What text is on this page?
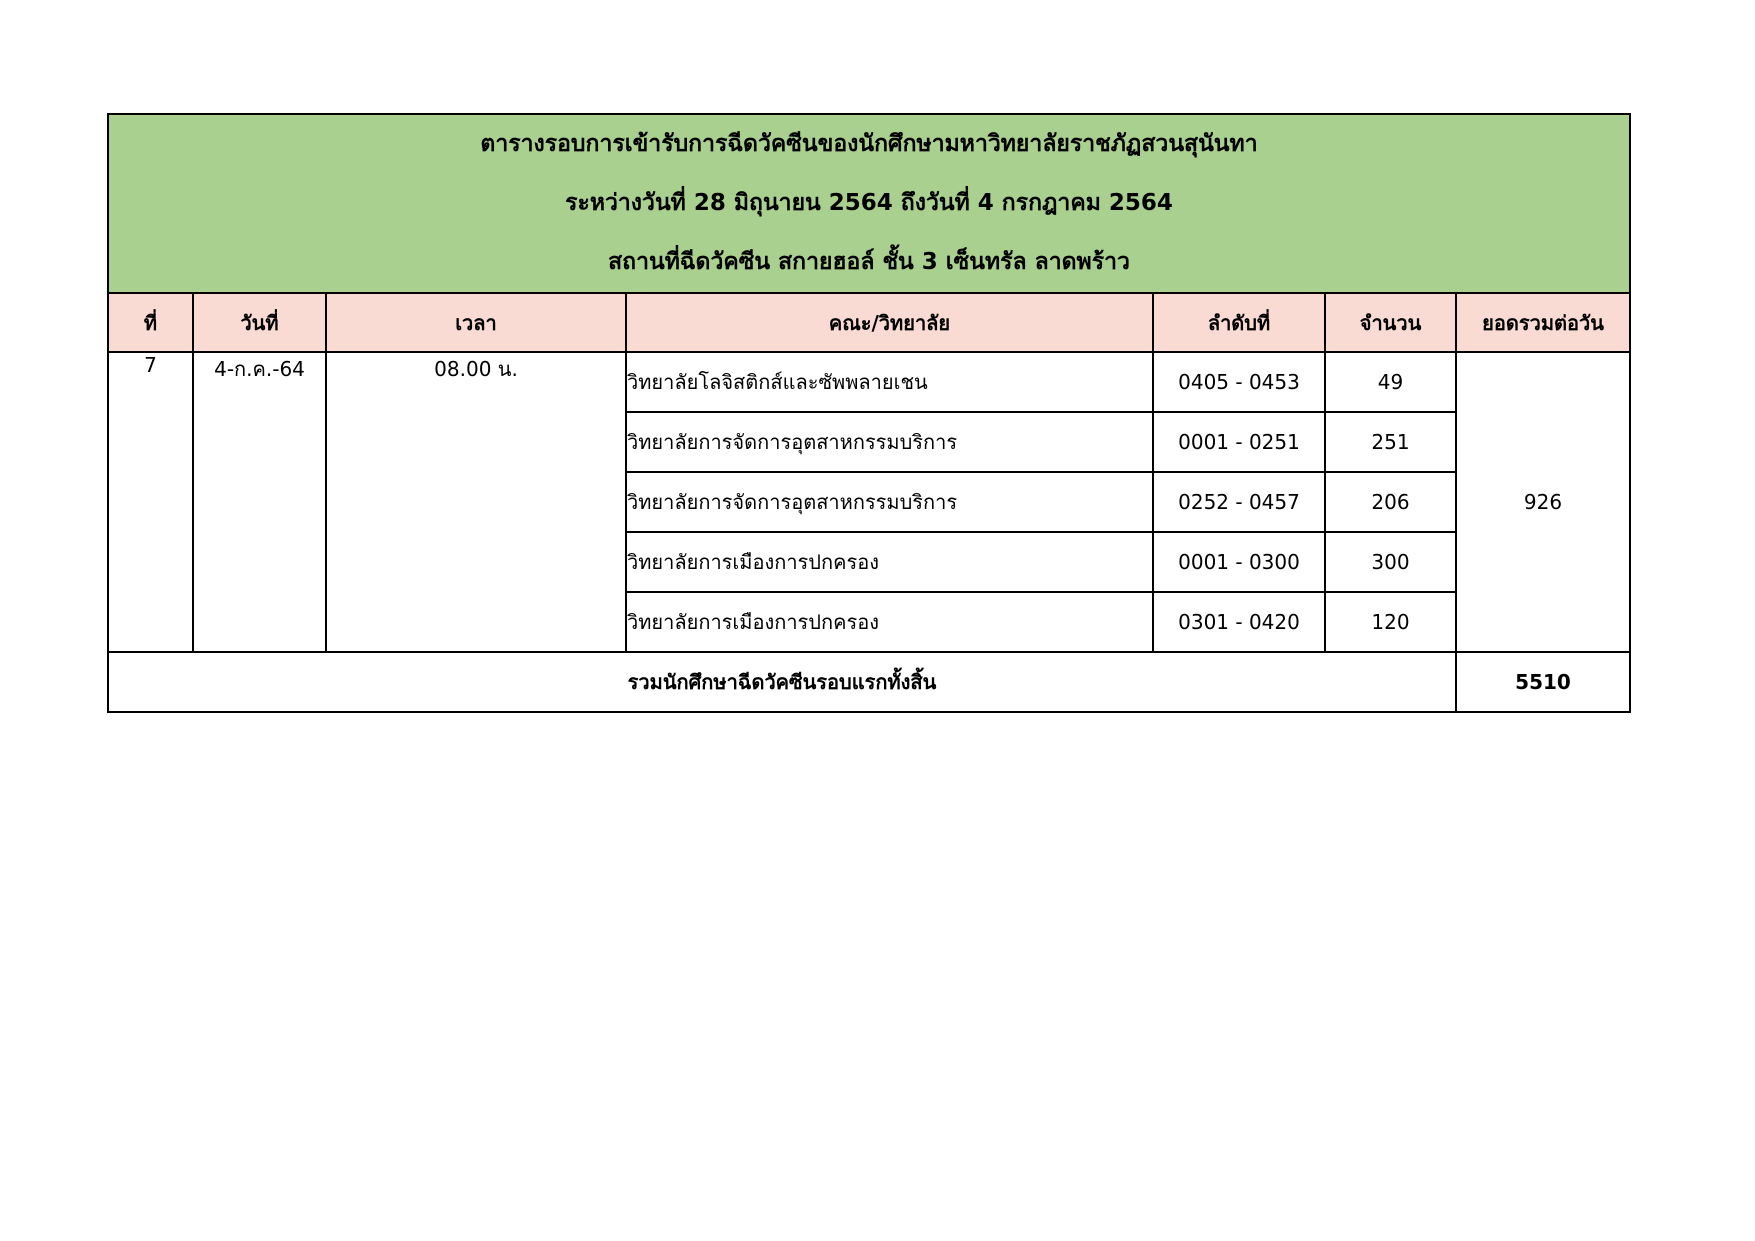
ตารางรอบการเข้ารับการฉีดวัคซีนของนักศึกษามหาวิทยาลัยราชภัฏสวนสุนันทา
ระหว่างวันที่ 28 มิถุนายน 2564 ถึงวันที่ 4 กรกฎาคม 2564
สถานที่ฉีดวัคซีน สกายฮอล์ ชั้น 3 เซ็นทรัล ลาดพร้าว						

ที่	วันที่	เวลา	คณะ/วิทยาลัย	ลำดับที่	จำนวน	ยอดรวมต่อวัน
7	4-ก.ค.-64	08.00 น.	วิทยาลัยโลจิสติกส์และซัพพลายเชน	0405 - 0453	49	926
			วิทยาลัยการจัดการอุตสาหกรรมบริการ	0001 - 0251	251	
			วิทยาลัยการจัดการอุตสาหกรรมบริการ	0252 - 0457	206	
			วิทยาลัยการเมืองการปกครอง	0001 - 0300	300	
			วิทยาลัยการเมืองการปกครอง	0301 - 0420	120	
รวมนักศึกษาฉีดวัคซีนรอบแรกทั้งสิ้น						5510
